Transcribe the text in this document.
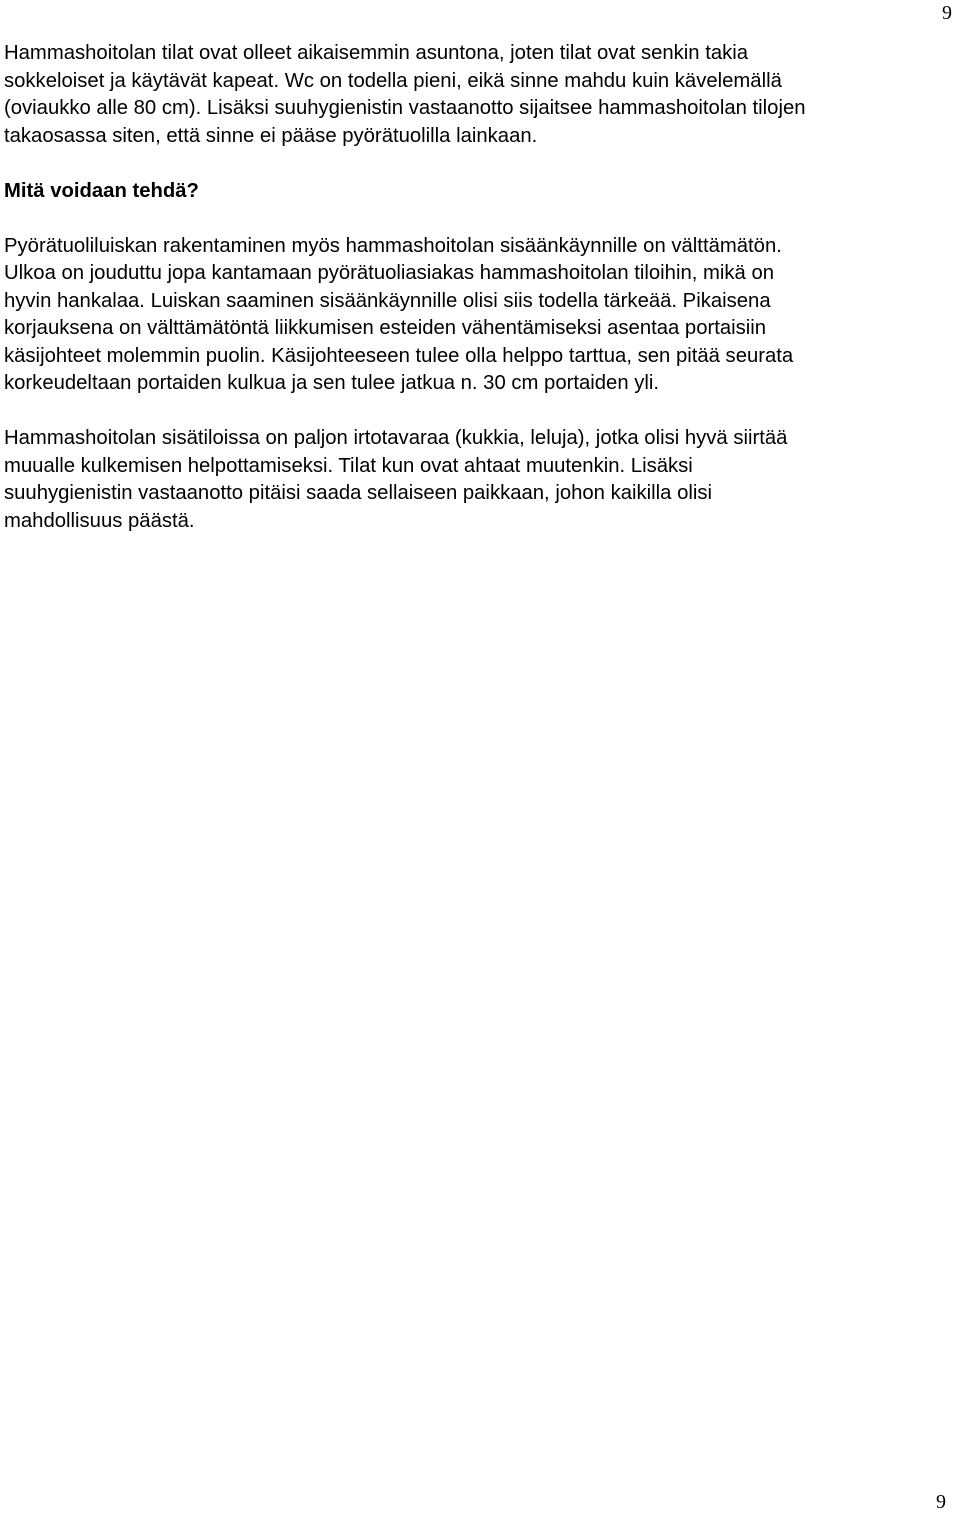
9

Hammashoitolan tilat ovat olleet aikaisemmin asuntona, joten tilat ovat senkin takia
sokkeloiset ja käytävät kapeat. Wc on todella pieni, eikä sinne mahdu kuin kävelemällä
(oviaukko alle 80 cm). Lisäksi suuhygienistin vastaanotto sijaitsee hammashoitolan tilojen
takaosassa siten, että sinne ei pääse pyörätuolilla lainkaan.

Mitä voidaan tehdä?

Pyörätuoliluiskan rakentaminen myös hammashoitolan sisäänkäynnille on välttämätön.
Ulkoa on jouduttu jopa kantamaan pyörätuoliasiakas hammashoitolan tiloihin, mikä on
hyvin hankalaa. Luiskan saaminen sisäänkäynnille olisi siis todella tärkeää. Pikaisena
korjauksena on välttämätöntä liikkumisen esteiden vähentämiseksi asentaa portaisiin
käsijohteet molemmin puolin. Käsijohteeseen tulee olla helppo tarttua, sen pitää seurata
korkeudeltaan portaiden kulkua ja sen tulee jatkua n. 30 cm portaiden yli.

Hammashoitolan sisätiloissa on paljon irtotavaraa (kukkia, leluja), jotka olisi hyvä siirtää
muualle kulkemisen helpottamiseksi. Tilat kun ovat ahtaat muutenkin. Lisäksi
suuhygienistin vastaanotto pitäisi saada sellaiseen paikkaan, johon kaikilla olisi
mahdollisuus päästä.

9
